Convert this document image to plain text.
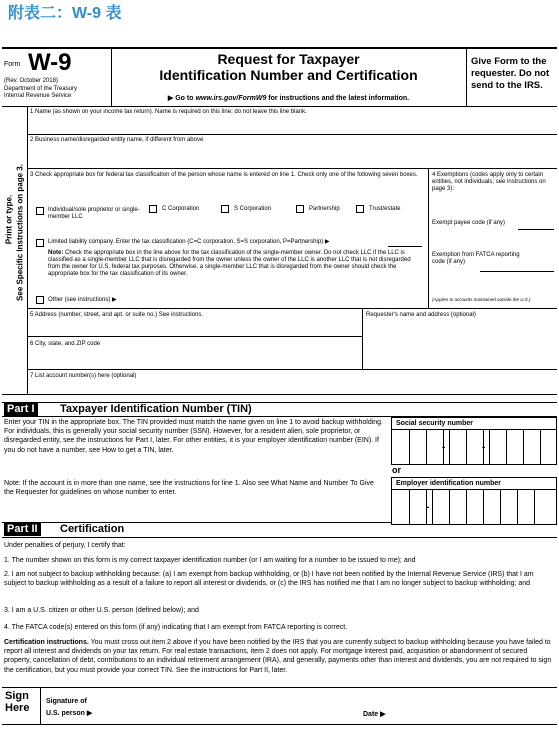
附表二：W-9 表
Form W-9
(Rev. October 2018)
Department of the Treasury
Internal Revenue Service
Request for Taxpayer
Identification Number and Certification
▶ Go to www.irs.gov/FormW9 for instructions and the latest information.
Give Form to the requester. Do not send to the IRS.
Print or type. See Specific Instructions on page 3.
1 Name (as shown on your income tax return). Name is required on this line; do not leave this line blank.
2 Business name/disregarded entity name, if different from above
3 Check appropriate box for federal tax classification of the person whose name is entered on line 1. Check only one of the following seven boxes.
Individual/sole proprietor or single-member LLC
C Corporation	S Corporation	Partnership	Trust/estate
Limited liability company. Enter the tax classification (C=C corporation, S=S corporation, P=Partnership) ▶
Note: Check the appropriate box in the line above for the tax classification of the single-member owner. Do not check LLC if the LLC is classified as a single-member LLC that is disregarded from the owner unless the owner of the LLC is another LLC that is not disregarded from the owner for U.S. federal tax purposes. Otherwise, a single-member LLC that is disregarded from the owner should check the appropriate box for the tax classification of its owner.
Other (see instructions) ▶
4 Exemptions (codes apply only to certain entities, not individuals; see instructions on page 3):
Exempt payee code (if any)
Exemption from FATCA reporting code (if any)
(Applies to accounts maintained outside the U.S.)
5 Address (number, street, and apt. or suite no.) See instructions.	Requester's name and address (optional)
6 City, state, and ZIP code
7 List account number(s) here (optional)
Part I Taxpayer Identification Number (TIN)
Enter your TIN in the appropriate box. The TIN provided must match the name given on line 1 to avoid backup withholding. For individuals, this is generally your social security number (SSN). However, for a resident alien, sole proprietor, or disregarded entity, see the instructions for Part I, later. For other entities, it is your employer identification number (EIN). If you do not have a number, see How to get a TIN, later.
Note: If the account is in more than one name, see the instructions for line 1. Also see What Name and Number To Give the Requester for guidelines on whose number to enter.
Social security number
-	-
or
Employer identification number
-
Part II Certification
Under penalties of perjury, I certify that:
1. The number shown on this form is my correct taxpayer identification number (or I am waiting for a number to be issued to me); and
2. I am not subject to backup withholding because: (a) I am exempt from backup withholding, or (b) I have not been notified by the Internal Revenue Service (IRS) that I am subject to backup withholding as a result of a failure to report all interest or dividends, or (c) the IRS has notified me that I am no longer subject to backup withholding; and
3. I am a U.S. citizen or other U.S. person (defined below); and
4. The FATCA code(s) entered on this form (if any) indicating that I am exempt from FATCA reporting is correct.
Certification instructions. You must cross out item 2 above if you have been notified by the IRS that you are currently subject to backup withholding because you have failed to report all interest and dividends on your tax return. For real estate transactions, item 2 does not apply. For mortgage interest paid, acquisition or abandonment of secured property, cancellation of debt, contributions to an individual retirement arrangement (IRA), and generally, payments other than interest and dividends, you are not required to sign the certification, but you must provide your correct TIN. See the instructions for Part II, later.
Sign Here
Signature of
U.S. person ▶	Date ▶
